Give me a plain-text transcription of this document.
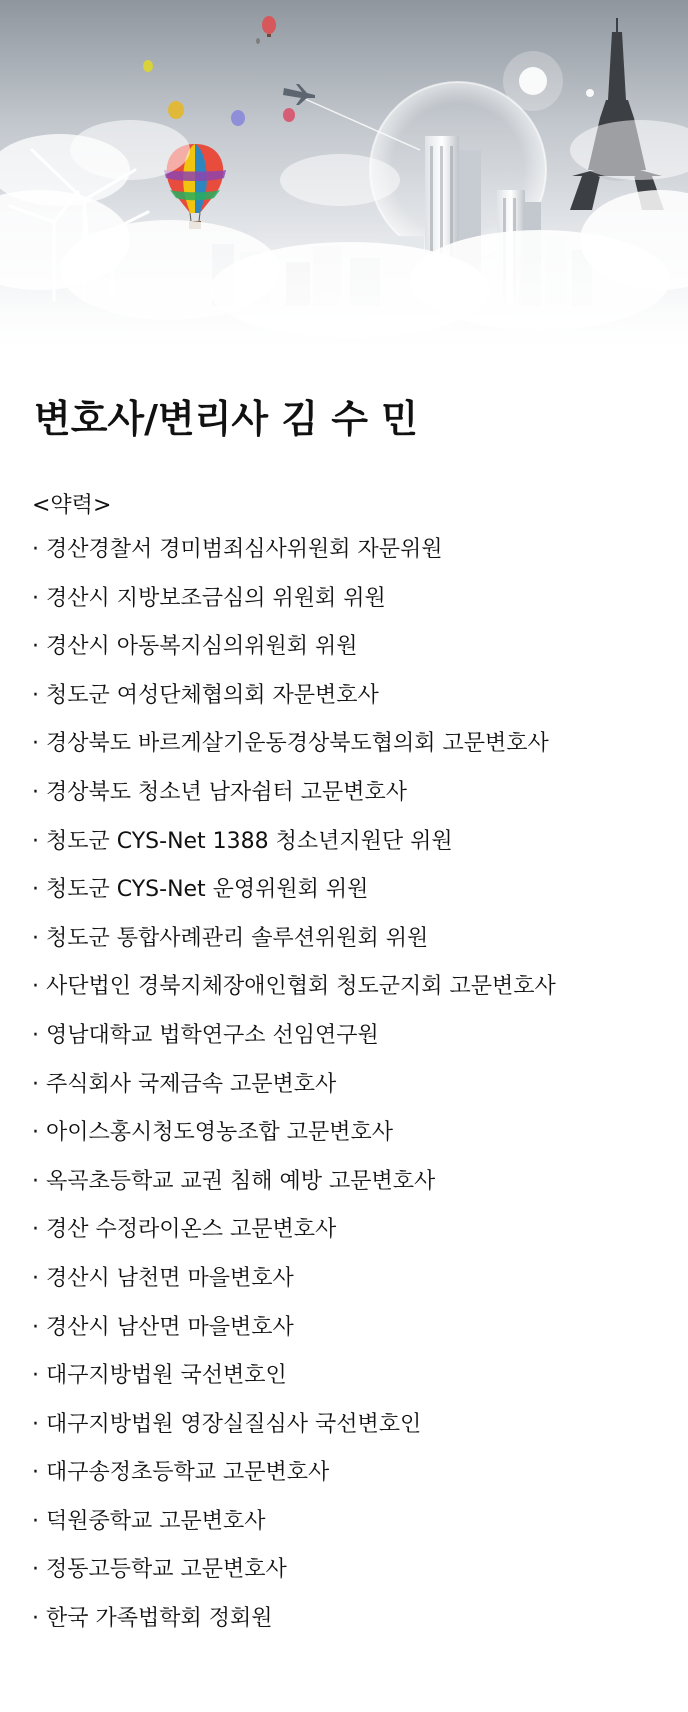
변호사/변리사 김 수 민
<약력>
· 경산경찰서 경미범죄심사위원회 자문위원
· 경산시 지방보조금심의 위원회 위원
· 경산시 아동복지심의위원회 위원
· 청도군 여성단체협의회 자문변호사
· 경상북도 바르게살기운동경상북도협의회 고문변호사
· 경상북도 청소년 남자쉼터 고문변호사
· 청도군 CYS-Net 1388 청소년지원단 위원
· 청도군 CYS-Net 운영위원회 위원
· 청도군 통합사례관리 솔루션위원회 위원
· 사단법인 경북지체장애인협회 청도군지회 고문변호사
· 영남대학교 법학연구소 선임연구원
· 주식회사 국제금속 고문변호사
· 아이스홍시청도영농조합 고문변호사
· 옥곡초등학교 교권 침해 예방 고문변호사
· 경산 수정라이온스 고문변호사
· 경산시 남천면 마을변호사
· 경산시 남산면 마을변호사
· 대구지방법원 국선변호인
· 대구지방법원 영장실질심사 국선변호인
· 대구송정초등학교 고문변호사
· 덕원중학교 고문변호사
· 정동고등학교 고문변호사
· 한국 가족법학회 정회원
